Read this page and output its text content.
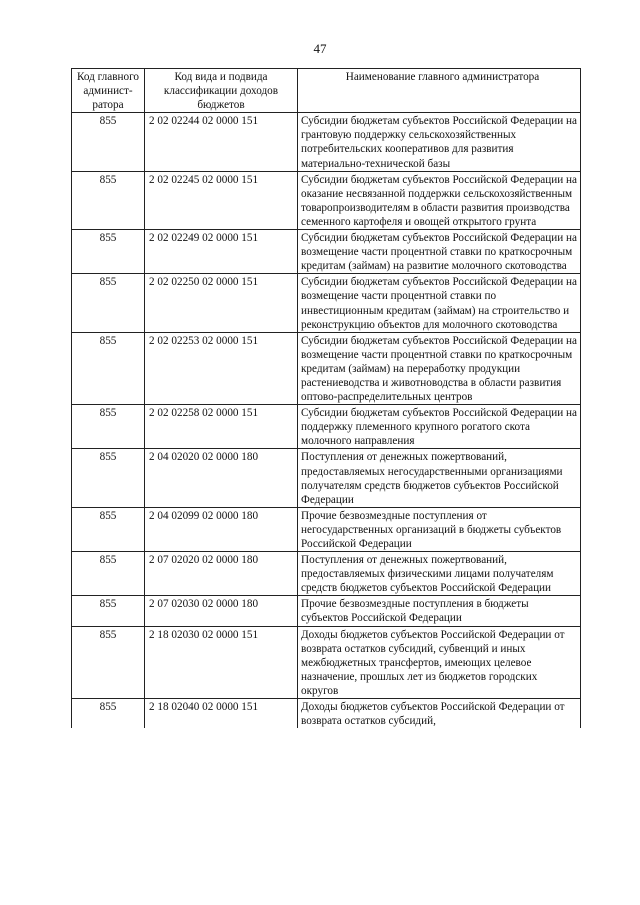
47
Код главного админист-ратора	Код вида и подвида классификации доходов бюджетов	Наименование главного администратора
855	2 02 02244 02 0000 151	Субсидии бюджетам субъектов Российской Федерации на грантовую поддержку сельскохозяйственных потребительских кооперативов для развития материально-технической базы
855	2 02 02245 02 0000 151	Субсидии бюджетам субъектов Российской Федерации на оказание несвязанной поддержки сельскохозяйственным товаропроизводителям в области развития производства семенного картофеля и овощей открытого грунта
855	2 02 02249 02 0000 151	Субсидии бюджетам субъектов Российской Федерации на возмещение части процентной ставки по краткосрочным кредитам (займам) на развитие молочного скотоводства
855	2 02 02250 02 0000 151	Субсидии бюджетам субъектов Российской Федерации на возмещение части процентной ставки по инвестиционным кредитам (займам) на строительство и реконструкцию объектов для молочного скотоводства
855	2 02 02253 02 0000 151	Субсидии бюджетам субъектов Российской Федерации на возмещение части процентной ставки по краткосрочным кредитам (займам) на переработку продукции растениеводства и животноводства в области развития оптово-распределительных центров
855	2 02 02258 02 0000 151	Субсидии бюджетам субъектов Российской Федерации на поддержку племенного крупного рогатого скота молочного направления
855	2 04 02020 02 0000 180	Поступления от денежных пожертвований, предоставляемых негосударственными организациями получателям средств бюджетов субъектов Российской Федерации
855	2 04 02099 02 0000 180	Прочие безвозмездные поступления от негосударственных организаций в бюджеты субъектов Российской Федерации
855	2 07 02020 02 0000 180	Поступления от денежных пожертвований, предоставляемых физическими лицами получателям средств бюджетов субъектов Российской Федерации
855	2 07 02030 02 0000 180	Прочие безвозмездные поступления в бюджеты субъектов Российской Федерации
855	2 18 02030 02 0000 151	Доходы бюджетов субъектов Российской Федерации от возврата остатков субсидий, субвенций и иных межбюджетных трансфертов, имеющих целевое назначение, прошлых лет из бюджетов городских округов
855	2 18 02040 02 0000 151	Доходы бюджетов субъектов Российской Федерации от возврата остатков субсидий,
